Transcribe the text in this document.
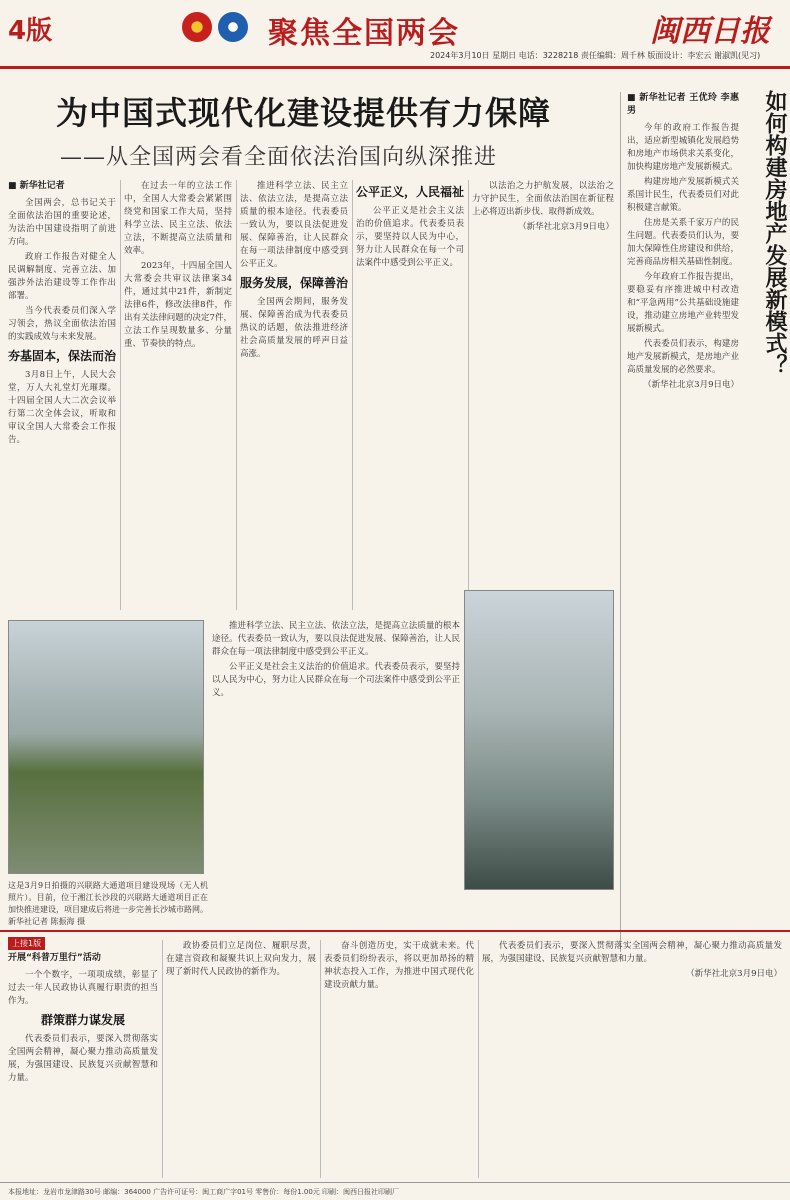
4版	聚焦全国两会	闽西日报
2024年3月10日 星期日 电话：3228218 责任编辑：周千林 版面设计：李宏云 谢淑凯(见习)
为中国式现代化建设提供有力保障
——从全国两会看全面依法治国向纵深推进
■ 新华社记者

全国两会，总书记关于全面依法治国的重要论述，为法治中国建设指明了前进方向。

政府工作报告对健全人民调解制度、完善立法、加强涉外法治建设等工作作出部署。

当今代表委员们深入学习领会，热议全面依法治国的实践成效与未来发展。

夯基固本，保法而治

3月8日上午，人民大会堂，万人大礼堂灯光璀璨。十四届全国人大二次会议举行第二次全体会议，听取和审议全国人大常委会工作报告。

在过去一年的立法工作中，全国人大常委会紧紧围绕党和国家工作大局，坚持科学立法、民主立法、依法立法，不断提高立法质量和效率。

2023年，十四届全国人大常委会共审议法律案34件，通过其中21件，新制定法律6件，修改法律8件，作出有关法律问题的决定7件，立法工作呈现数量多、分量重、节奏快的特点。

推进科学立法、民主立法、依法立法，是提高立法质量的根本途径。代表委员一致认为，要以良法促进发展、保障善治，让人民群众在每一项法律制度中感受到公平正义。

服务发展，保障善治

全国两会期间，服务发展、保障善治成为代表委员热议的话题，依法推进经济社会高质量发展的呼声日益高涨。

公平正义，人民福祉

公平正义是社会主义法治的价值追求。代表委员表示，要坚持以人民为中心，努力让人民群众在每一个司法案件中感受到公平正义。

以法治之力护航发展，以法治之力守护民生，全面依法治国在新征程上必将迈出新步伐、取得新成效。

（新华社北京3月9日电）

这是3月9日拍摄的兴联路大通道项目建设现场（无人机照片）。目前，位于湘江长沙段的兴联路大通道项目正在加快推进建设，项目建成后将进一步完善长沙城市路网。 新华社记者 陈振海 摄

推进科学立法、民主立法、依法立法，是提高立法质量的根本途径。代表委员一致认为，要以良法促进发展、保障善治，让人民群众在每一项法律制度中感受到公平正义。

公平正义是社会主义法治的价值追求。代表委员表示，要坚持以人民为中心，努力让人民群众在每一个司法案件中感受到公平正义。

■ 新华社记者 王优玲 李惠男

今年的政府工作报告提出，适应新型城镇化发展趋势和房地产市场供求关系变化，加快构建房地产发展新模式。

构建房地产发展新模式关系国计民生，代表委员们对此积极建言献策。

住房是关系千家万户的民生问题。代表委员们认为，要加大保障性住房建设和供给，完善商品房相关基础性制度。

今年政府工作报告提出，要稳妥有序推进城中村改造和“平急两用”公共基础设施建设，推动建立房地产业转型发展新模式。

代表委员们表示，构建房地产发展新模式，是房地产业高质量发展的必然要求。

（新华社北京3月9日电）

如何构建房地产发展新模式？
上接1版
开展“科普万里行”活动

一个个数字，一项项成绩，彰显了过去一年人民政协认真履行职责的担当作为。

群策群力谋发展

代表委员们表示，要深入贯彻落实全国两会精神，凝心聚力推动高质量发展，为强国建设、民族复兴贡献智慧和力量。

政协委员们立足岗位、履职尽责，在建言资政和凝聚共识上双向发力，展现了新时代人民政协的新作为。

奋斗创造历史，实干成就未来。代表委员们纷纷表示，将以更加昂扬的精神状态投入工作，为推进中国式现代化建设贡献力量。

代表委员们表示，要深入贯彻落实全国两会精神，凝心聚力推动高质量发展，为强国建设、民族复兴贡献智慧和力量。

（新华社北京3月9日电）

本报地址：龙岩市龙津路30号 邮编：364000 广告许可证号：闽工商广字01号 零售价：每份1.00元 印刷：闽西日报社印刷厂
